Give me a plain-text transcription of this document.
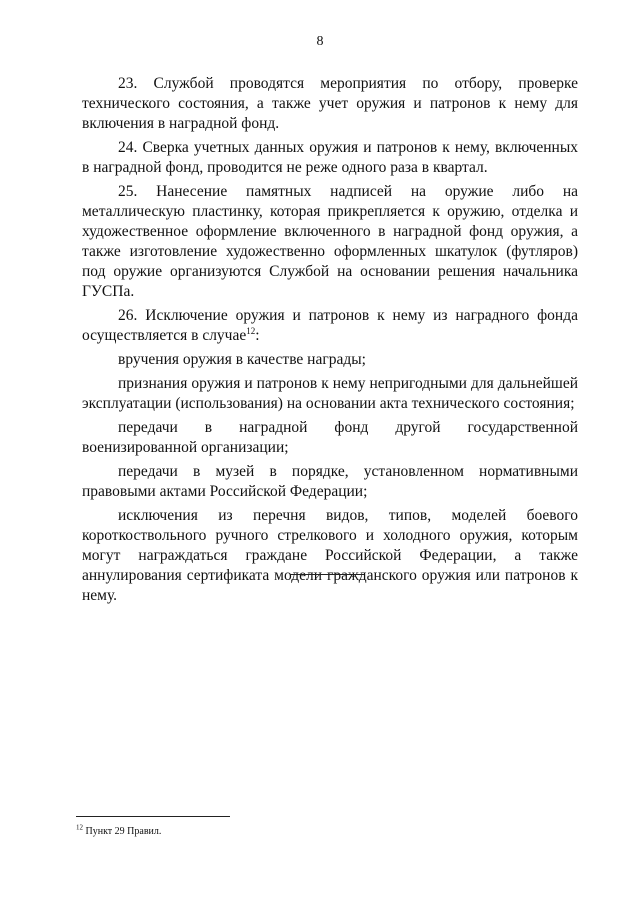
8

23. Службой проводятся мероприятия по отбору, проверке технического состояния, а также учет оружия и патронов к нему для включения в наградной фонд.

24. Сверка учетных данных оружия и патронов к нему, включенных в наградной фонд, проводится не реже одного раза в квартал.

25. Нанесение памятных надписей на оружие либо на металлическую пластинку, которая прикрепляется к оружию, отделка и художественное оформление включенного в наградной фонд оружия, а также изготовление художественно оформленных шкатулок (футляров) под оружие организуются Службой на основании решения начальника ГУСПа.

26. Исключение оружия и патронов к нему из наградного фонда осуществляется в случае$^{12}$:

вручения оружия в качестве награды;

признания оружия и патронов к нему непригодными для дальнейшей эксплуатации (использования) на основании акта технического состояния;

передачи в наградной фонд другой государственной военизированной организации;

передачи в музей в порядке, установленном нормативными правовыми актами Российской Федерации;

исключения из перечня видов, типов, моделей боевого короткоствольного ручного стрелкового и холодного оружия, которым могут награждаться граждане Российской Федерации, а также аннулирования сертификата модели гражданского оружия или патронов к нему.

$^{12}$ Пункт 29 Правил.
